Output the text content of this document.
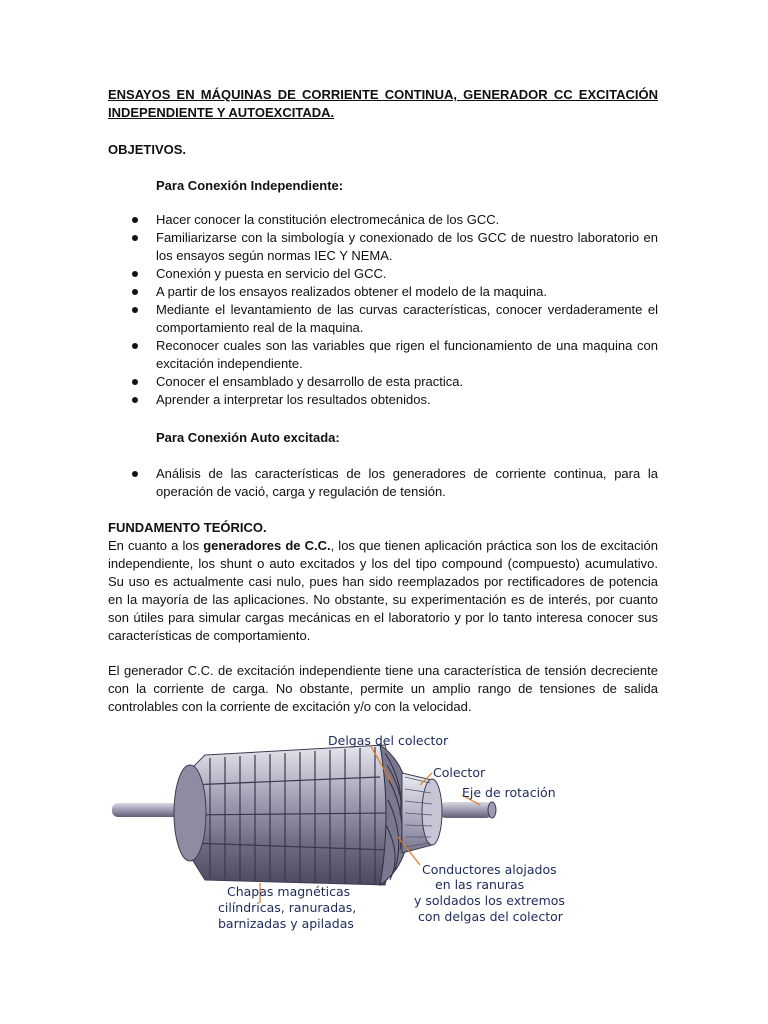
ENSAYOS EN MÁQUINAS DE CORRIENTE CONTINUA, GENERADOR CC EXCITACIÓN INDEPENDIENTE Y AUTOEXCITADA.
OBJETIVOS.
Para Conexión Independiente:
Hacer conocer la constitución electromecánica de los GCC.
Familiarizarse con la simbología y conexionado de los GCC de nuestro laboratorio en los ensayos según normas IEC Y NEMA.
Conexión y puesta en servicio del GCC.
A partir de los ensayos realizados obtener el modelo de la maquina.
Mediante el levantamiento de las curvas características, conocer verdaderamente el comportamiento real de la maquina.
Reconocer cuales son las variables que rigen el funcionamiento de una maquina con excitación independiente.
Conocer el ensamblado y desarrollo de esta practica.
Aprender a interpretar los resultados obtenidos.
Para Conexión Auto excitada:
Análisis de las características de los generadores de corriente continua, para la operación de vació, carga y regulación de tensión.
FUNDAMENTO TEÓRICO.
En cuanto a los generadores de C.C., los que tienen aplicación práctica son los de excitación independiente, los shunt o auto excitados y los del tipo compound (compuesto) acumulativo. Su uso es actualmente casi nulo, pues han sido reemplazados por rectificadores de potencia en la mayoría de las aplicaciones. No obstante, su experimentación es de interés, por cuanto son útiles para simular cargas mecánicas en el laboratorio y por lo tanto interesa conocer sus características de comportamiento.
El generador C.C. de excitación independiente tiene una característica de tensión decreciente con la corriente de carga. No obstante, permite un amplio rango de tensiones de salida controlables con la corriente de excitación y/o con la velocidad.
Delgas del colector
Colector
Eje de rotación
Conductores alojados
en las ranuras
y soldados los extremos
con delgas del colector
Chapas magnéticas
cilíndricas, ranuradas,
barnizadas y apiladas
